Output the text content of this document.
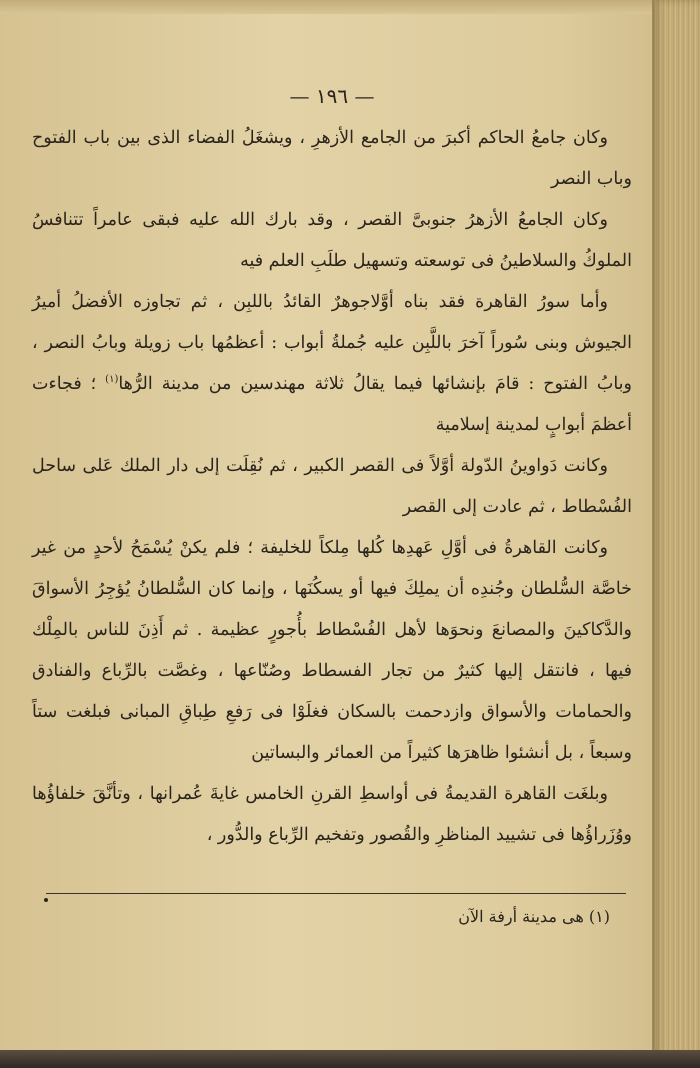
— ١٩٦ —

وكان جامعُ الحاكم أكبرَ من الجامع الأزهرِ ، ويشغَلُ الفضاء الذى بين باب الفتوح وباب النصر

وكان الجامعُ الأزهرُ جنوبىَّ القصر ، وقد بارك الله عليه فبقى عامراً تتنافسُ الملوكُ والسلاطينُ فى توسعته وتسهيل طلَبِ العلم فيه

وأما سورُ القاهرة فقد بناه أوَّلاجوهرٌ القائدُ باللبِن ، ثم تجاوزه الأفضلُ أميرُ الجيوش وبنى سُوراً آخرَ باللَّبِن عليه جُملةُ أبواب : أعظمُها باب زويلة وبابُ النصر ، وبابُ الفتوح : قامَ بإنشائها فيما يقالُ ثلاثة مهندسين من مدينة الرُّها$^{(١)}$ ؛ فجاءت أعظمَ أبوابٍ لمدينة إسلامية

وكانت دَواوينُ الدّولة أوَّلاً فى القصر الكبير ، ثم نُقِلَت إلى دار الملك عَلى ساحل الفُسْطاط ، ثم عادت إلى القصر

وكانت القاهرةُ فى أوَّلِ عَهدِها كُلها مِلكاً للخليفة ؛ فلم يكنْ يُسْمَحُ لأحدٍ من غير خاصَّة السُّلطان وجُندِه أن يملِكَ فيها أو يسكُنَها ، وإنما كان السُّلطانُ يُؤجِرُ الأسواقَ والدَّكاكينَ والمصانعَ ونحوَها لأهل الفُسْطاط بأُجورٍ عظيمة . ثم أَذِنَ للناس بالمِلْك فيها ، فانتقل إليها كثيرٌ من تجار الفسطاط وصُنّاعها ، وغصَّت بالرِّباع والفنادق والحمامات والأسواق وازدحمت بالسكان فغلَوْا فى رَفعِ طِباقِ المبانى فبلغت ستاً وسبعاً ، بل أنشئوا ظاهرَها كثيراً من العمائر والبساتين

وبلغَت القاهرة القديمةُ فى أواسطِ القرنِ الخامس غايةَ عُمرانها ، وتأنَّقَ خلفاؤُها ووُزَراؤُها فى تشييد المناظرِ والقُصور وتفخيم الرِّباع والدُّور ،

(١) هى مدينة أرفة الآن
